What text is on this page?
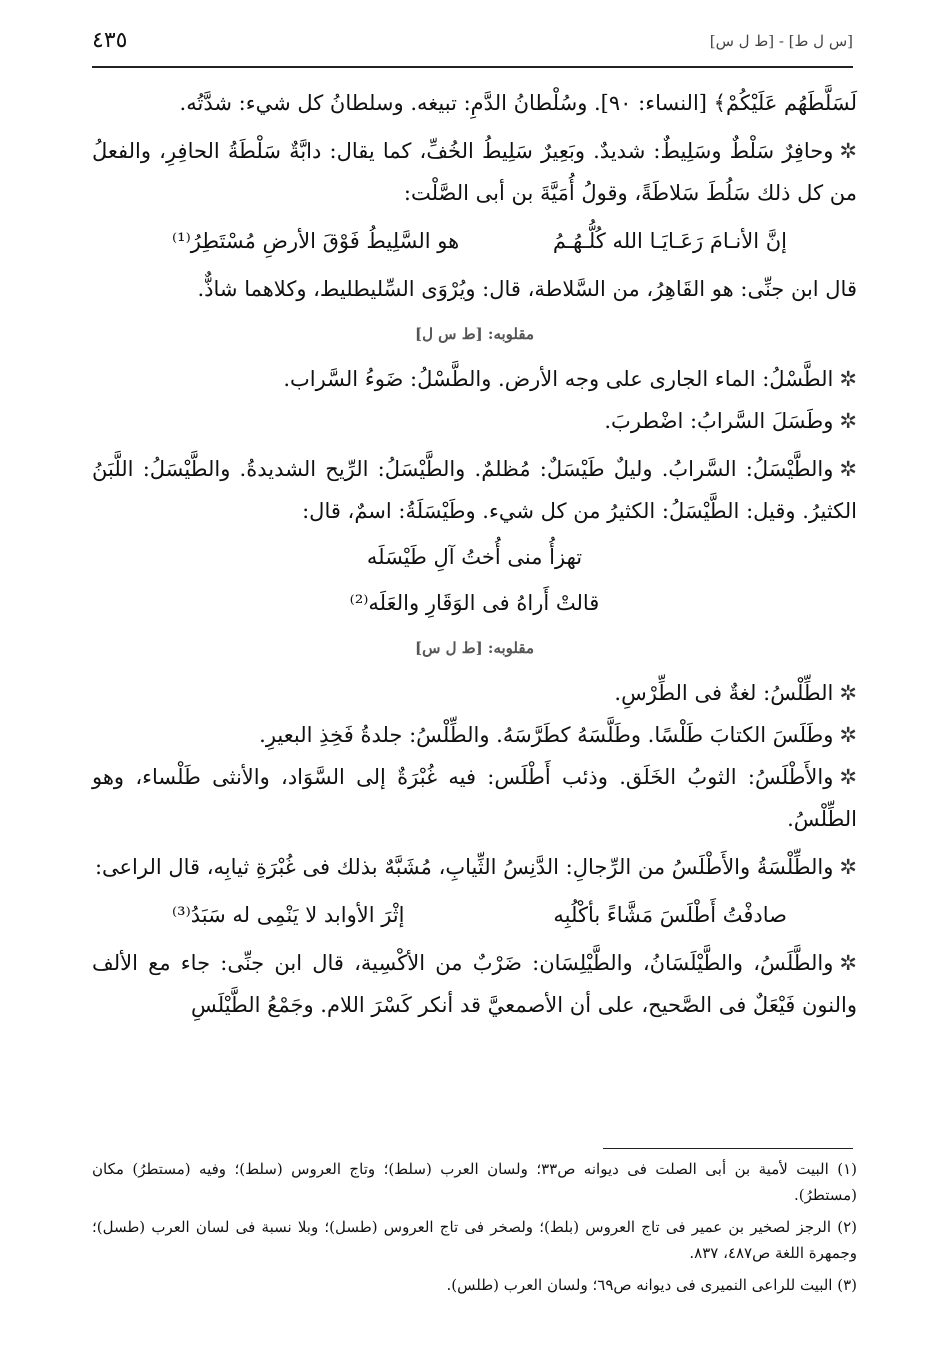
٤٣٥	[س ل ط] - [ط ل س]

لَسَلَّطَهُم عَلَيْكُمْ﴾ [النساء: ٩٠]. وسُلْطانُ الدَّمِ: تبيغه. وسلطانُ كل شيء: شدَّتُه.

✲وحافِرٌ سَلْطٌ وسَلِيطٌ: شديدٌ. وبَعِيرٌ سَلِيطُ الخُفِّ، كما يقال: دابَّةٌ سَلْطَةُ الحافِرِ، والفعلُ من كل ذلك سَلُطَ سَلاطَةً، وقولُ أُمَيَّةَ بن أبى الصَّلْت:

إنَّ الأنـامَ رَعَـايَـا الله كُلُّـهُـمُ
هو السَّلِيطُ فَوْقَ الأرضِ مُسْتَطِرُ⁽¹⁾

قال ابن جنِّى: هو القَاهِرُ، من السَّلاطة، قال: ويُرْوَى السِّليطليط، وكلاهما شاذٌّ.

مقلوبه: [ط س ل]

✲الطَّسْلُ: الماء الجارى على وجه الأرض. والطَّسْلُ: ضَوءُ السَّراب.

✲وطَسَلَ السَّرابُ: اضْطربَ.

✲والطَّيْسَلُ: السَّرابُ. وليلٌ طَيْسَلٌ: مُظلمٌ. والطَّيْسَلُ: الرِّيح الشديدةُ. والطَّيْسَلُ: اللَّبَنُ الكثيرُ. وقيل: الطَّيْسَلُ: الكثيرُ من كل شيء. وطَيْسَلَةُ: اسمٌ، قال:

تهزأُ منى أُختُ آلِ طَيْسَلَه
قالتْ أَراهُ فى الوَقَارِ والعَلَه⁽²⁾
مقلوبه: [ط ل س]

✲الطِّلْسُ: لغةٌ فى الطِّرْسِ.

✲وطَلَسَ الكتابَ طَلْسًا. وطَلَّسَهُ كطَرَّسَهُ. والطِّلْسُ: جلدةُ فَخِذِ البعيرِ.

✲والأَطْلَسُ: الثوبُ الخَلَق. وذئب أَطْلَس: فيه غُبْرَةٌ إلى السَّوَاد، والأنثى طَلْساء، وهو الطِّلْسُ.

✲والطِّلْسَةُ والأَطْلَسُ من الرِّجالِ: الدَّنِسُ الثِّيابِ، مُشَبَّهٌ بذلك فى غُبْرَةِ ثيابِه، قال الراعى:

صادفْتُ أَطْلَسَ مَشَّاءً بأكْلُبِه
إثْرَ الأوابد لا يَنْمِى له سَبَدُ⁽³⁾

✲والطَّلَسُ، والطَّيْلَسَانُ، والطَّيْلِسَان: ضَرْبٌ من الأكْسِية، قال ابن جنِّى: جاء مع الألف والنون فَيْعَلٌ فى الصَّحيح، على أن الأصمعيَّ قد أنكر كَسْرَ اللام. وجَمْعُ الطَّيْلَسِ

(١) البيت لأمية بن أبى الصلت فى ديوانه ص٣٣؛ ولسان العرب (سلط)؛ وتاج العروس (سلط)؛ وفيه (مستطرُ) مكان (مستطرُ).

(٢) الرجز لصخير بن عمير فى تاج العروس (بلط)؛ ولصخر فى تاج العروس (طسل)؛ وبلا نسبة فى لسان العرب (طسل)؛ وجمهرة اللغة ص٤٨٧، ٨٣٧.

(٣) البيت للراعى النميرى فى ديوانه ص٦٩؛ ولسان العرب (طلس).
